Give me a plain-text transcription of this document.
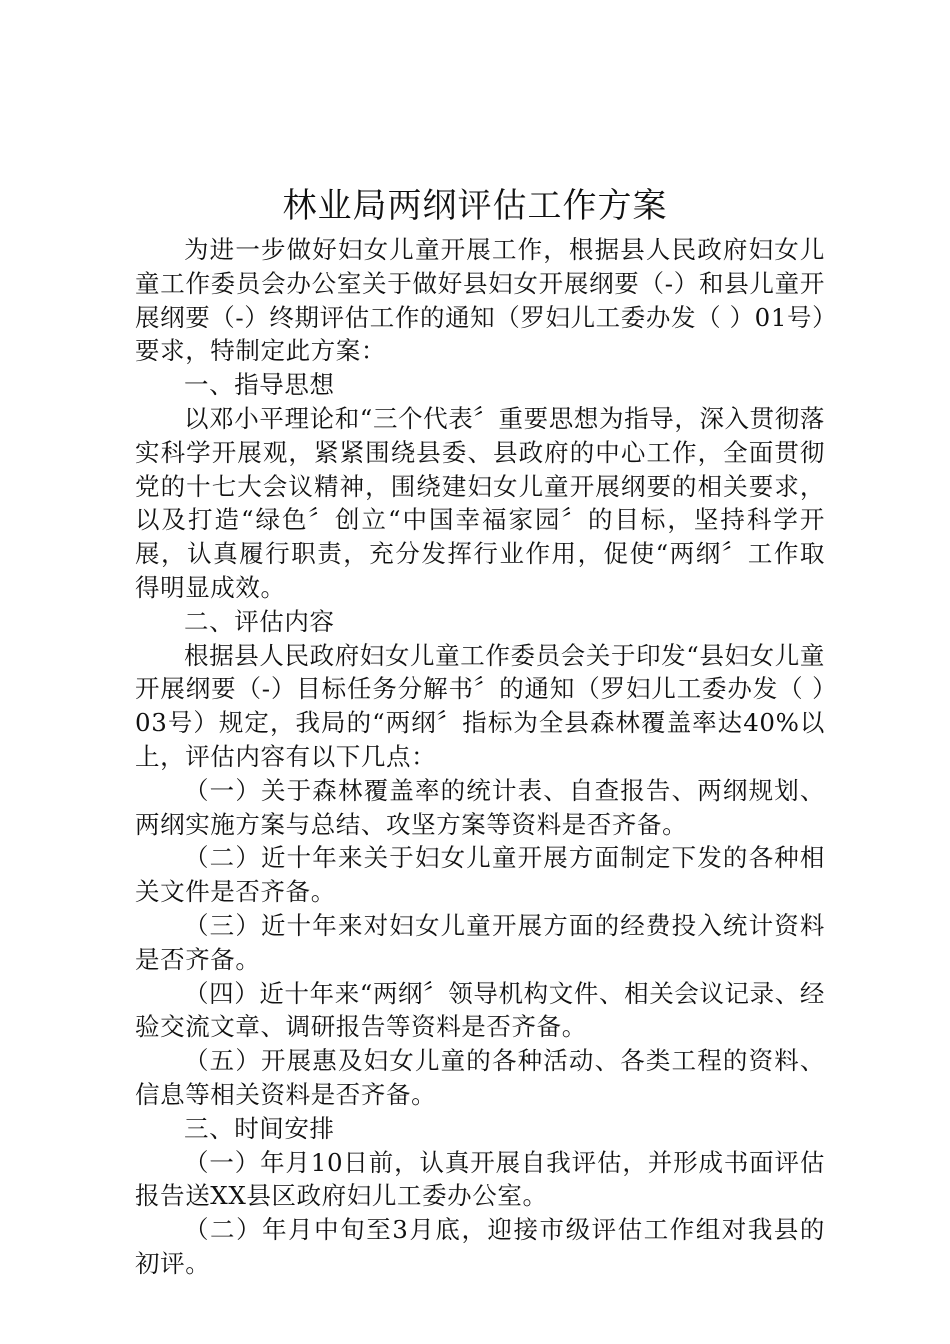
林业局两纲评估工作方案

为进一步做好妇女儿童开展工作，根据县人民政府妇女儿童工作委员会办公室关于做好县妇女开展纲要（-）和县儿童开展纲要（-）终期评估工作的通知（罗妇儿工委办发（ ）01号）要求，特制定此方案：

一、指导思想

以邓小平理论和“三个代表〞重要思想为指导，深入贯彻落实科学开展观，紧紧围绕县委、县政府的中心工作，全面贯彻党的十七大会议精神，围绕建妇女儿童开展纲要的相关要求，以及打造“绿色〞创立“中国幸福家园〞的目标，坚持科学开展，认真履行职责，充分发挥行业作用，促使“两纲〞工作取得明显成效。

二、评估内容

根据县人民政府妇女儿童工作委员会关于印发“县妇女儿童开展纲要（-）目标任务分解书〞的通知（罗妇儿工委办发（ ）03号）规定，我局的“两纲〞指标为全县森林覆盖率达40%以上，评估内容有以下几点：

（一）关于森林覆盖率的统计表、自查报告、两纲规划、两纲实施方案与总结、攻坚方案等资料是否齐备。

（二）近十年来关于妇女儿童开展方面制定下发的各种相关文件是否齐备。

（三）近十年来对妇女儿童开展方面的经费投入统计资料是否齐备。

（四）近十年来“两纲〞领导机构文件、相关会议记录、经验交流文章、调研报告等资料是否齐备。

（五）开展惠及妇女儿童的各种活动、各类工程的资料、信息等相关资料是否齐备。

三、时间安排

（一）年月10日前，认真开展自我评估，并形成书面评估报告送XX县区政府妇儿工委办公室。

（二）年月中旬至3月底，迎接市级评估工作组对我县的初评。
